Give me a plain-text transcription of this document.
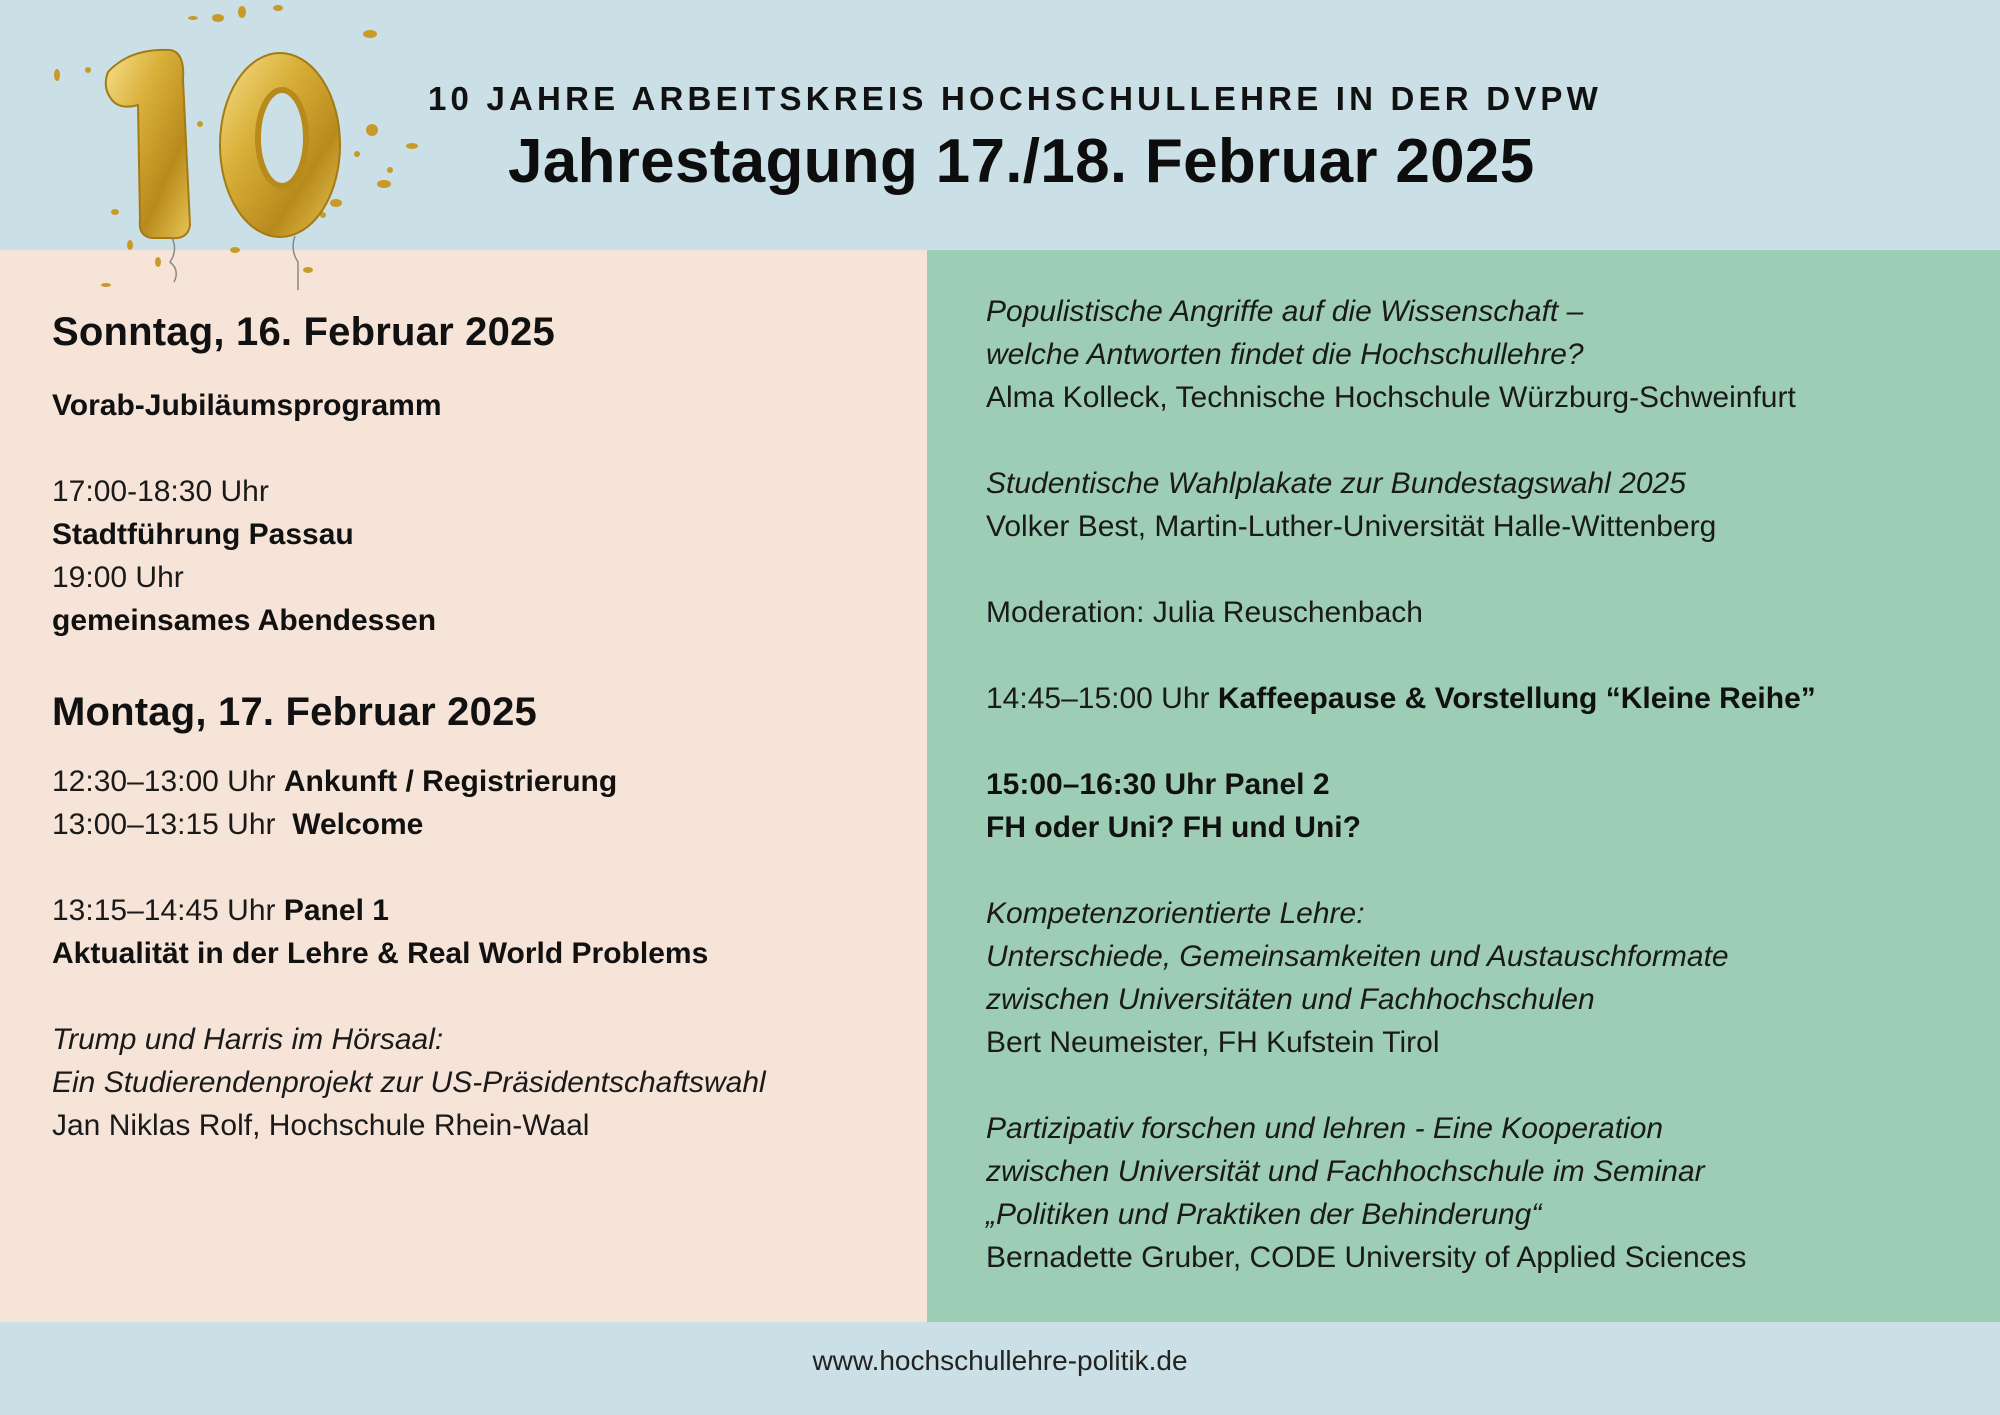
10 JAHRE ARBEITSKREIS HOCHSCHULLEHRE IN DER DVPW
Jahrestagung 17./18. Februar 2025
Sonntag, 16. Februar 2025
Vorab-Jubiläumsprogramm
17:00-18:30 Uhr
Stadtführung Passau
19:00 Uhr
gemeinsames Abendessen
Montag, 17. Februar 2025
12:30–13:00 Uhr Ankunft / Registrierung
13:00–13:15 Uhr Welcome
13:15–14:45 Uhr Panel 1
Aktualität in der Lehre & Real World Problems
Trump und Harris im Hörsaal:
Ein Studierendenprojekt zur US-Präsidentschaftswahl
Jan Niklas Rolf, Hochschule Rhein-Waal
Populistische Angriffe auf die Wissenschaft –
welche Antworten findet die Hochschullehre?
Alma Kolleck, Technische Hochschule Würzburg-Schweinfurt
Studentische Wahlplakate zur Bundestagswahl 2025
Volker Best, Martin-Luther-Universität Halle-Wittenberg
Moderation: Julia Reuschenbach
14:45–15:00 Uhr Kaffeepause & Vorstellung “Kleine Reihe”
15:00–16:30 Uhr Panel 2
FH oder Uni? FH und Uni?
Kompetenzorientierte Lehre:
Unterschiede, Gemeinsamkeiten und Austauschformate
zwischen Universitäten und Fachhochschulen
Bert Neumeister, FH Kufstein Tirol
Partizipativ forschen und lehren - Eine Kooperation
zwischen Universität und Fachhochschule im Seminar
„Politiken und Praktiken der Behinderung“
Bernadette Gruber, CODE University of Applied Sciences
www.hochschullehre-politik.de
